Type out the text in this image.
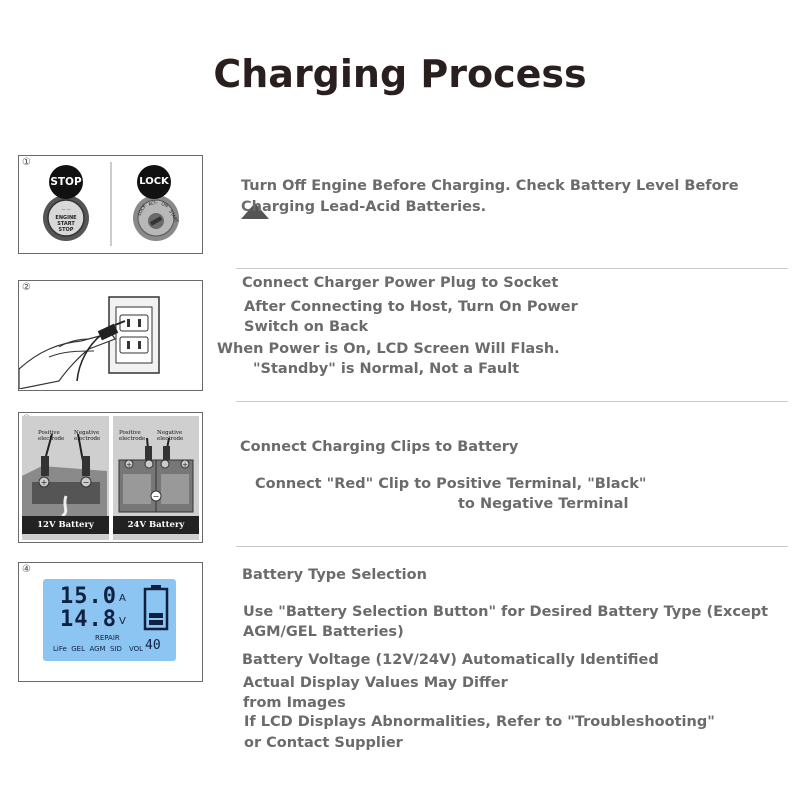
Charging Process
①
— —
ENGINE
START
STOP
LOCK
ACC ON
START
STOP	LOCK	Turn Off Engine Before Charging. Check Battery Level Before
Charging Lead-Acid Batteries.
②	Connect Charger Power Plug to Socket
After Connecting to Host, Turn On Power
Switch on Back
When Power is On, LCD Screen Will Flash.
"Standby" is Normal, Not a Fault
+	−
Positive electrode
Negative electrode
12V Battery
+	+
−
Positive electrode
Negative electrode
24V Battery
Connect Charging Clips to Battery
Connect "Red" Clip to Positive Terminal, "Black"
to Negative Terminal
④
15.0 A
14.8 V
REPAIR
LiFe  GEL  AGM  SID VOL 40
Battery Type Selection
Use "Battery Selection Button" for Desired Battery Type (Except
AGM/GEL Batteries)
Battery Voltage (12V/24V) Automatically Identified
Actual Display Values May Differ
from Images
If LCD Displays Abnormalities, Refer to "Troubleshooting"
or Contact Supplier
